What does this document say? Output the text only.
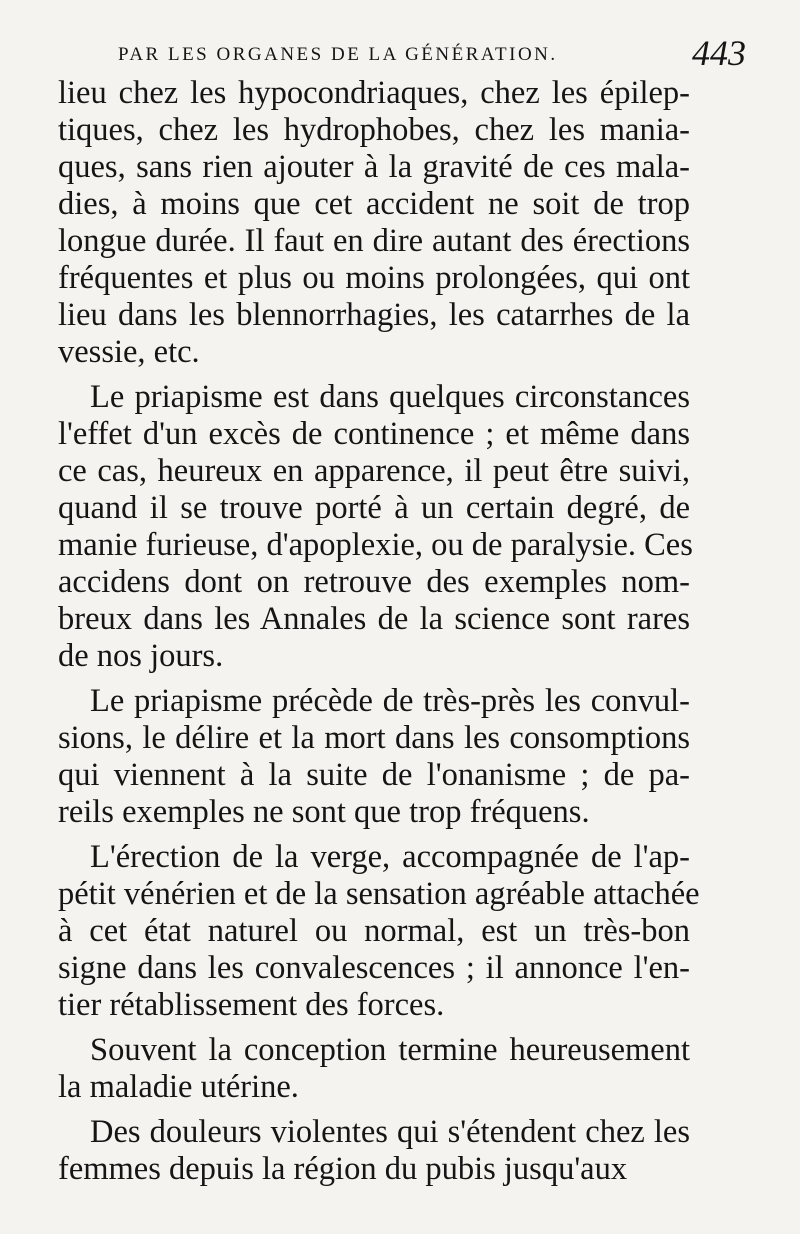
PAR LES ORGANES DE LA GÉNÉRATION.	443
lieu chez les hypocondriaques, chez les épilep-
tiques, chez les hydrophobes, chez les mania-
ques, sans rien ajouter à la gravité de ces mala-
dies, à moins que cet accident ne soit de trop
longue durée. Il faut en dire autant des érections
fréquentes et plus ou moins prolongées, qui ont
lieu dans les blennorrhagies, les catarrhes de la
vessie, etc.
Le priapisme est dans quelques circonstances
l'effet d'un excès de continence ; et même dans
ce cas, heureux en apparence, il peut être suivi,
quand il se trouve porté à un certain degré, de
manie furieuse, d'apoplexie, ou de paralysie. Ces
accidens dont on retrouve des exemples nom-
breux dans les Annales de la science sont rares
de nos jours.
Le priapisme précède de très-près les convul-
sions, le délire et la mort dans les consomptions
qui viennent à la suite de l'onanisme ; de pa-
reils exemples ne sont que trop fréquens.
L'érection de la verge, accompagnée de l'ap-
pétit vénérien et de la sensation agréable attachée
à cet état naturel ou normal, est un très-bon
signe dans les convalescences ; il annonce l'en-
tier rétablissement des forces.
Souvent la conception termine heureusement
la maladie utérine.
Des douleurs violentes qui s'étendent chez les
femmes depuis la région du pubis jusqu'aux
